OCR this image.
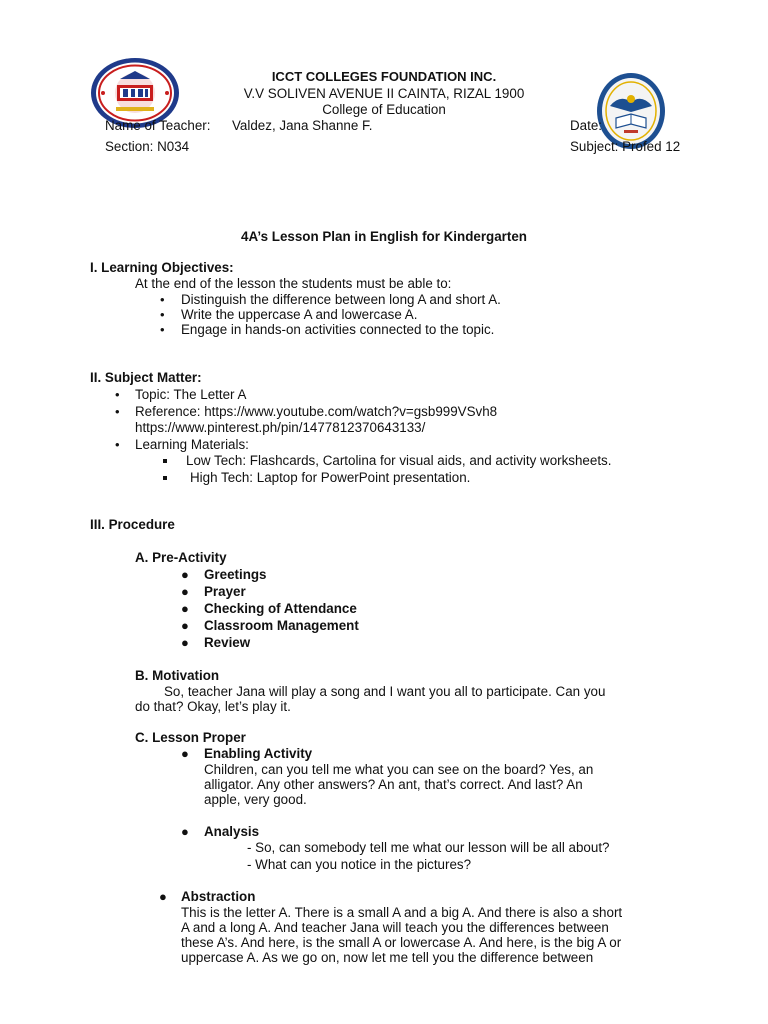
ICCT COLLEGES FOUNDATION INC.
V.V SOLIVEN AVENUE II CAINTA, RIZAL 1900
College of Education
Name of Teacher: Valdez, Jana Shanne F.	Date:
Section: N034	Subject: Profed 12
4A’s Lesson Plan in English for Kindergarten
I. Learning Objectives:
At the end of the lesson the students must be able to:
• Distinguish the difference between long A and short A.
• Write the uppercase A and lowercase A.
• Engage in hands-on activities connected to the topic.
II. Subject Matter:
• Topic: The Letter A
• Reference: https://www.youtube.com/watch?v=gsb999VSvh8
https://www.pinterest.ph/pin/1477812370643133/
• Learning Materials:
Low Tech: Flashcards, Cartolina for visual aids, and activity worksheets.
High Tech: Laptop for PowerPoint presentation.
III. Procedure
A. Pre-Activity
● Greetings
● Prayer
● Checking of Attendance
● Classroom Management
● Review
B. Motivation
So, teacher Jana will play a song and I want you all to participate. Can you
do that? Okay, let’s play it.
C. Lesson Proper
● Enabling Activity
Children, can you tell me what you can see on the board? Yes, an
alligator. Any other answers? An ant, that’s correct. And last? An
apple, very good.
● Analysis
- So, can somebody tell me what our lesson will be all about?
- What can you notice in the pictures?
● Abstraction
This is the letter A. There is a small A and a big A. And there is also a short
A and a long A. And teacher Jana will teach you the differences between
these A’s. And here, is the small A or lowercase A. And here, is the big A or
uppercase A. As we go on, now let me tell you the difference between
